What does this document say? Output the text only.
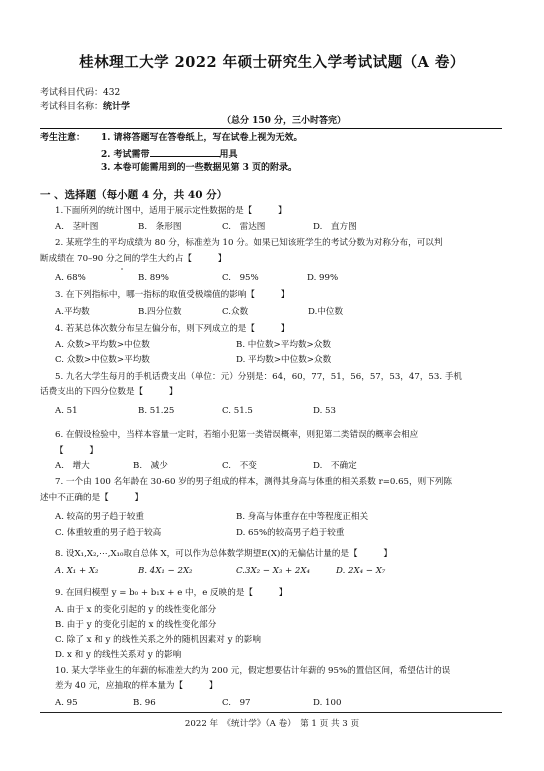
桂林理工大学 2022 年硕士研究生入学考试试题（A 卷）
考试科目代码：432
考试科目名称：统计学
（总分 150 分，三小时答完）
考生注意： 1. 请将答题写在答卷纸上，写在试卷上视为无效。
2. 考试需带	用具
3. 本卷可能需用到的一些数据见第 3 页的附录。
一 、选择题（每小题 4 分，共 40 分）
1.下面所列的统计图中，适用于展示定性数据的是【　　　】
A.　茎叶图	B.　条形图	C.　雷达图	D.　直方图
2. 某班学生的平均成绩为 80 分，标准差为 10 分。如果已知该班学生的考试分数为对称分布，可以判
断成绩在 70–90 分之间的学生大约占【　　　】
A. 68%	B. 89%	C.　95%	D. 99%
3. 在下列指标中，哪一指标的取值受极端值的影响【　　　】
A.平均数	B.四分位数	C.众数	D.中位数
4. 若某总体次数分布呈左偏分布，则下列成立的是【　　　】
A. 众数>平均数>中位数	B. 中位数>平均数>众数
C. 众数>中位数>平均数	D. 平均数>中位数>众数
5. 九名大学生每月的手机话费支出（单位：元）分别是：64，60，77，51，56，57，53，47，53. 手机
话费支出的下四分位数是【　　　】
A. 51	B. 51.25	C. 51.5	D. 53
6. 在假设检验中，当样本容量一定时，若缩小犯第一类错误概率，则犯第二类错误的概率会相应
【　　　】
A.　增大	B.　减少	C.　不变	D.　不确定
7. 一个由 100 名年龄在 30-60 岁的男子组成的样本，测得其身高与体重的相关系数 r=0.65，则下列陈
述中不正确的是【　　　】
A. 较高的男子趋于较重	B. 身高与体重存在中等程度正相关
C. 体重较重的男子趋于较高	D. 65%的较高男子趋于较重
8. 设X₁,X₂,⋯,X₁₀取自总体 X，可以作为总体数学期望E(X)的无偏估计量的是【　　　】
A. X₁ + X₂	B. 4X₁ − 2X₂	C.3X₂ − X₃ + 2X₄	D. 2X₄ − X₇
9. 在回归模型 y = b₀ + b₁x + e 中，e 反映的是【　　　】
A. 由于 x 的变化引起的 y 的线性变化部分
B. 由于 y 的变化引起的 x 的线性变化部分
C. 除了 x 和 y 的线性关系之外的随机因素对 y 的影响
D. x 和 y 的线性关系对 y 的影响
10. 某大学毕业生的年薪的标准差大约为 200 元，假定想要估计年薪的 95%的置信区间，希望估计的误
差为 40 元，应抽取的样本量为【　　　】
A. 95	B. 96	C.　97	D. 100
2022 年　《统计学》（A 卷）　第 1 页 共 3 页
